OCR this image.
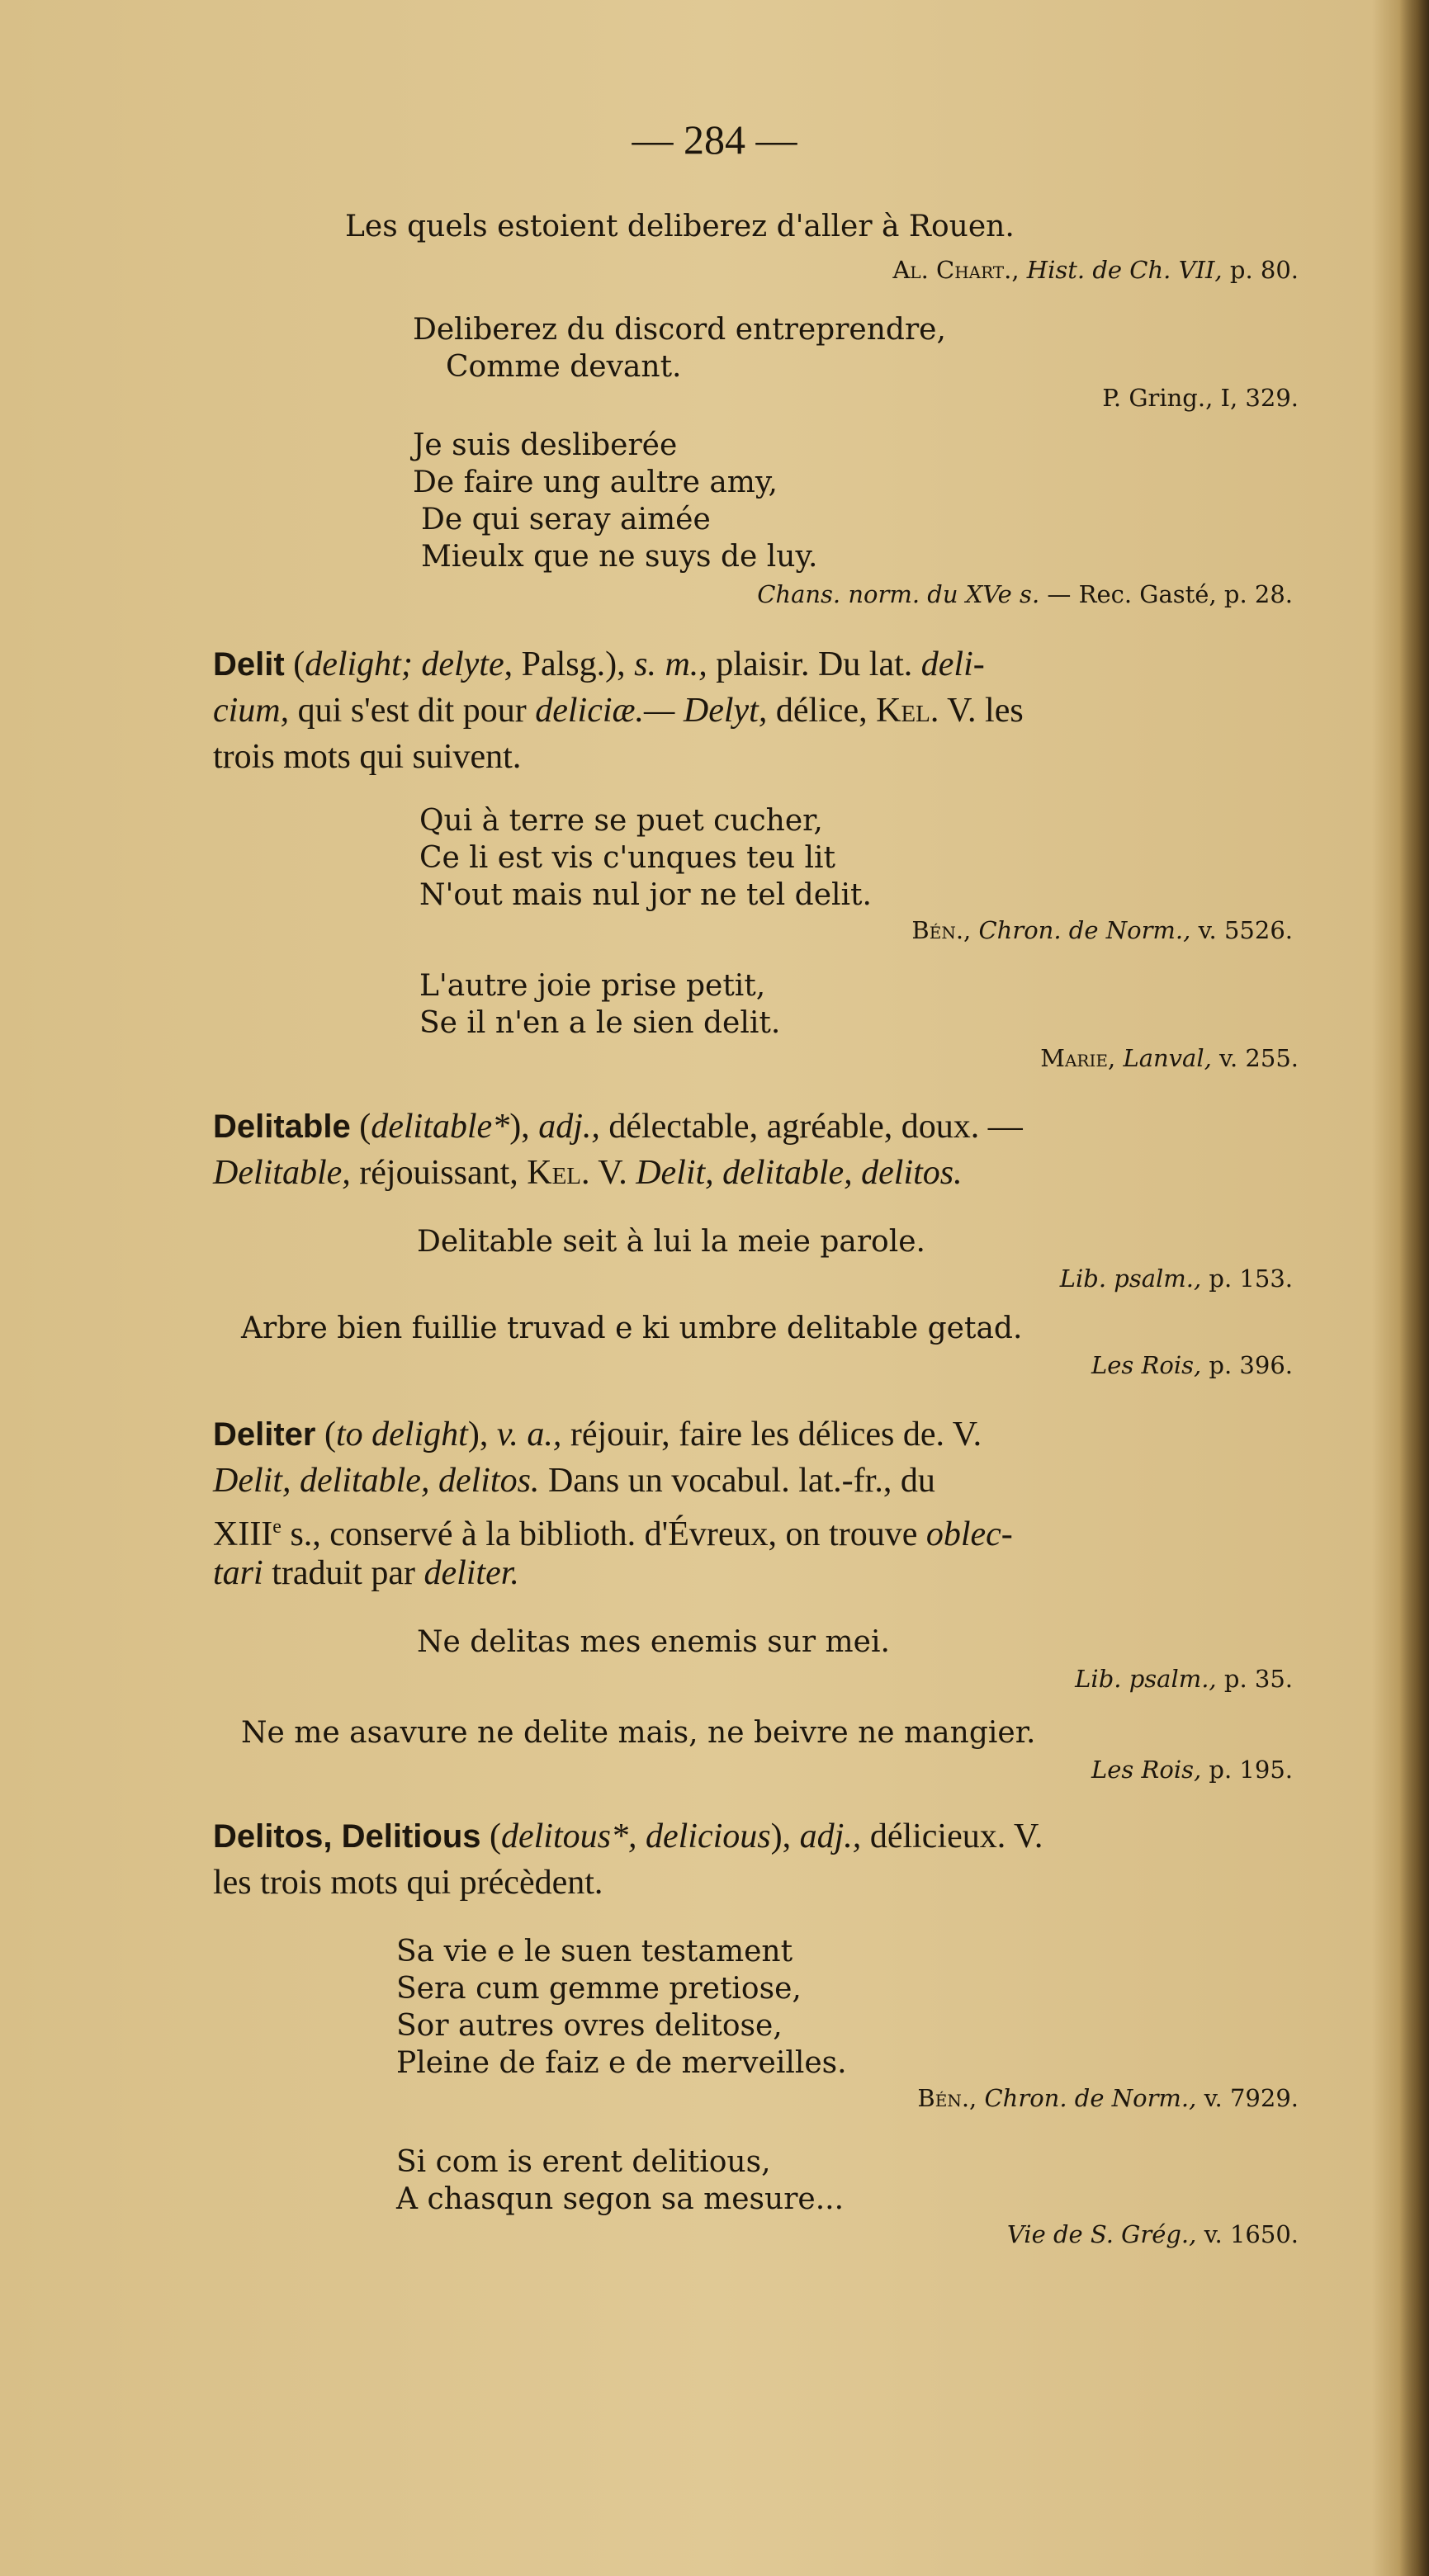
— 284 —
Les quels estoient deliberez d'aller à Rouen.
Al. Chart., Hist. de Ch. VII, p. 80.
Deliberez du discord entreprendre,
Comme devant.
P. Gring., I, 329.
Je suis desliberée
De faire ung aultre amy,
De qui seray aimée
Mieulx que ne suys de luy.
Chans. norm. du XVe s. — Rec. Gasté, p. 28.
Delit (delight; delyte, Palsg.), s. m., plaisir. Du lat. deli-
cium, qui s'est dit pour deliciæ.— Delyt, délice, Kel. V. les
trois mots qui suivent.
Qui à terre se puet cucher,
Ce li est vis c'unques teu lit
N'out mais nul jor ne tel delit.
Bén., Chron. de Norm., v. 5526.
L'autre joie prise petit,
Se il n'en a le sien delit.
Marie, Lanval, v. 255.
Delitable (delitable*), adj., délectable, agréable, doux. —
Delitable, réjouissant, Kel. V. Delit, delitable, delitos.
Delitable seit à lui la meie parole.
Lib. psalm., p. 153.
Arbre bien fuillie truvad e ki umbre delitable getad.
Les Rois, p. 396.
Deliter (to delight), v. a., réjouir, faire les délices de. V.
Delit, delitable, delitos. Dans un vocabul. lat.-fr., du
XIIIe s., conservé à la biblioth. d'Évreux, on trouve oblec-
tari traduit par deliter.
Ne delitas mes enemis sur mei.
Lib. psalm., p. 35.
Ne me asavure ne delite mais, ne beivre ne mangier.
Les Rois, p. 195.
Delitos, Delitious (delitous*, delicious), adj., délicieux. V.
les trois mots qui précèdent.
Sa vie e le suen testament
Sera cum gemme pretiose,
Sor autres ovres delitose,
Pleine de faiz e de merveilles.
Bén., Chron. de Norm., v. 7929.
Si com is erent delitious,
A chasqun segon sa mesure...
Vie de S. Grég., v. 1650.
